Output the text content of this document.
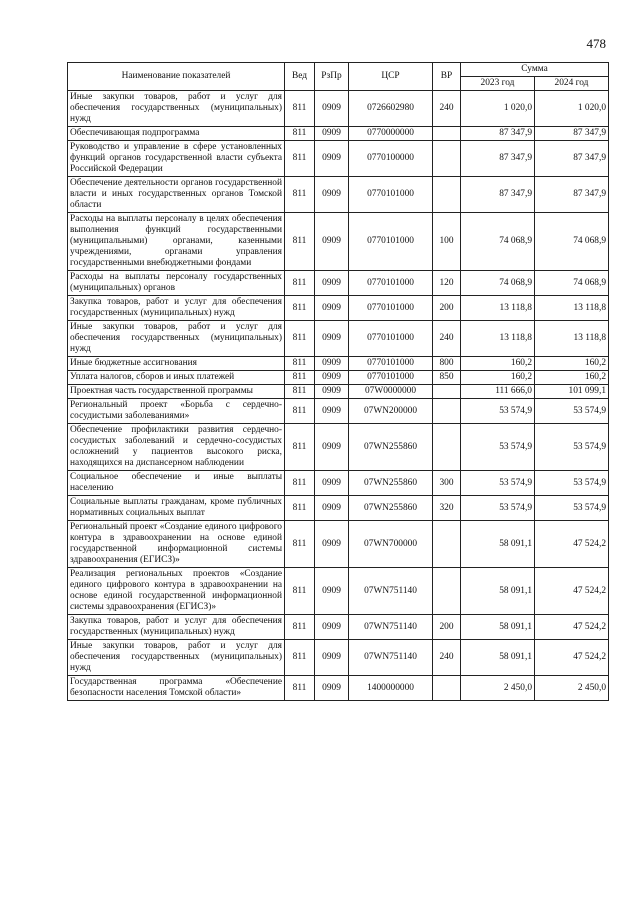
478
Наименование показателей	Вед	РзПр	ЦСР	ВР	Сумма	
					2023 год	2024 год
Иные закупки товаров, работ и услуг для обеспечения государственных (муниципальных) нужд	811	0909	0726602980	240	1 020,0	1 020,0
Обеспечивающая подпрограмма	811	0909	0770000000		87 347,9	87 347,9
Руководство и управление в сфере установленных функций органов государственной власти субъекта Российской Федерации	811	0909	0770100000		87 347,9	87 347,9
Обеспечение деятельности органов государственной власти и иных государственных органов Томской области	811	0909	0770101000		87 347,9	87 347,9
Расходы на выплаты персоналу в целях обеспечения выполнения функций государственными (муниципальными) органами, казенными учреждениями, органами управления государственными внебюджетными фондами	811	0909	0770101000	100	74 068,9	74 068,9
Расходы на выплаты персоналу государственных (муниципальных) органов	811	0909	0770101000	120	74 068,9	74 068,9
Закупка товаров, работ и услуг для обеспечения государственных (муниципальных) нужд	811	0909	0770101000	200	13 118,8	13 118,8
Иные закупки товаров, работ и услуг для обеспечения государственных (муниципальных) нужд	811	0909	0770101000	240	13 118,8	13 118,8
Иные бюджетные ассигнования	811	0909	0770101000	800	160,2	160,2
Уплата налогов, сборов и иных платежей	811	0909	0770101000	850	160,2	160,2
Проектная часть государственной программы	811	0909	07W0000000		111 666,0	101 099,1
Региональный проект «Борьба с сердечно-сосудистыми заболеваниями»	811	0909	07WN200000		53 574,9	53 574,9
Обеспечение профилактики развития сердечно-сосудистых заболеваний и сердечно-сосудистых осложнений у пациентов высокого риска, находящихся на диспансерном наблюдении	811	0909	07WN255860		53 574,9	53 574,9
Социальное обеспечение и иные выплаты населению	811	0909	07WN255860	300	53 574,9	53 574,9
Социальные выплаты гражданам, кроме публичных нормативных социальных выплат	811	0909	07WN255860	320	53 574,9	53 574,9
Региональный проект «Создание единого цифрового контура в здравоохранении на основе единой государственной информационной системы здравоохранения (ЕГИСЗ)»	811	0909	07WN700000		58 091,1	47 524,2
Реализация региональных проектов «Создание единого цифрового контура в здравоохранении на основе единой государственной информационной системы здравоохранения (ЕГИСЗ)»	811	0909	07WN751140		58 091,1	47 524,2
Закупка товаров, работ и услуг для обеспечения государственных (муниципальных) нужд	811	0909	07WN751140	200	58 091,1	47 524,2
Иные закупки товаров, работ и услуг для обеспечения государственных (муниципальных) нужд	811	0909	07WN751140	240	58 091,1	47 524,2
Государственная программа «Обеспечение безопасности населения Томской области»	811	0909	1400000000		2 450,0	2 450,0
